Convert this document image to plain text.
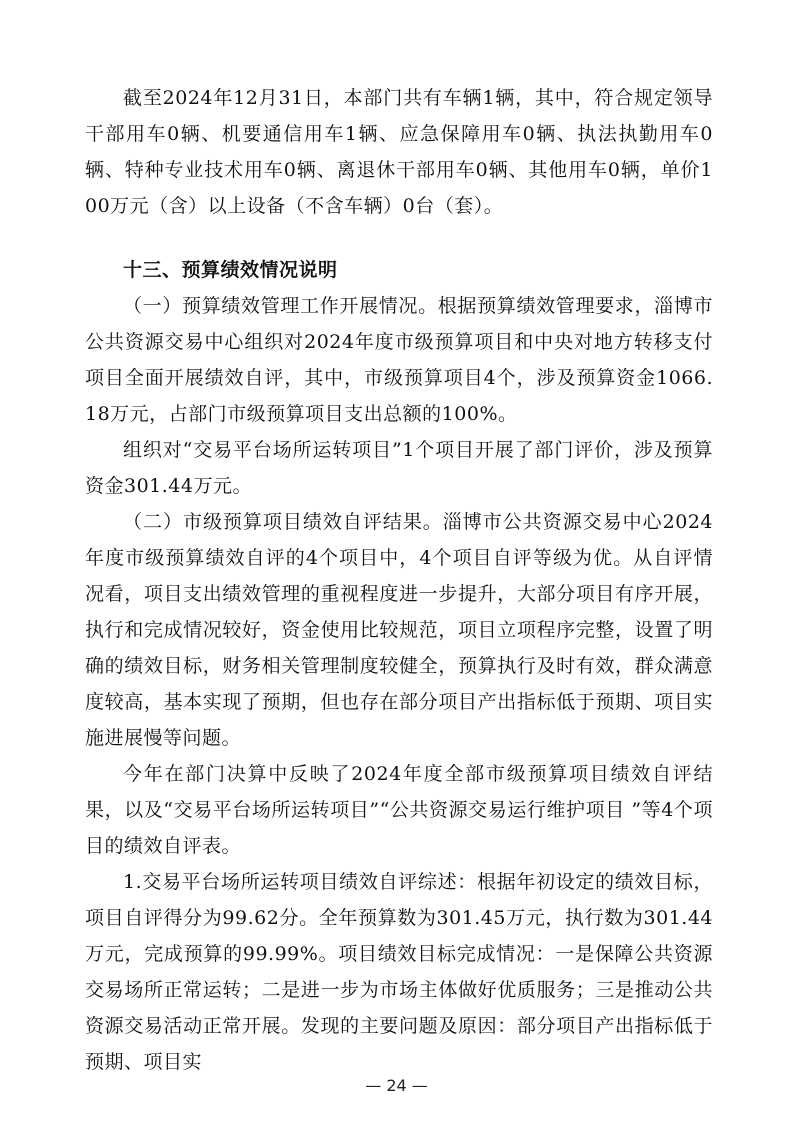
截至2024年12月31日，本部门共有车辆1辆，其中，符合规定领导干部用车0辆、机要通信用车1辆、应急保障用车0辆、执法执勤用车0辆、特种专业技术用车0辆、离退休干部用车0辆、其他用车0辆，单价100万元（含）以上设备（不含车辆）0台（套）。

十三、预算绩效情况说明

（一）预算绩效管理工作开展情况。根据预算绩效管理要求，淄博市公共资源交易中心组织对2024年度市级预算项目和中央对地方转移支付项目全面开展绩效自评，其中，市级预算项目4个，涉及预算资金1066.18万元，占部门市级预算项目支出总额的100%。

组织对“交易平台场所运转项目”1个项目开展了部门评价，涉及预算资金301.44万元。

（二）市级预算项目绩效自评结果。淄博市公共资源交易中心2024年度市级预算绩效自评的4个项目中，4个项目自评等级为优。从自评情况看，项目支出绩效管理的重视程度进一步提升，大部分项目有序开展，执行和完成情况较好，资金使用比较规范，项目立项程序完整，设置了明确的绩效目标，财务相关管理制度较健全，预算执行及时有效，群众满意度较高，基本实现了预期，但也存在部分项目产出指标低于预期、项目实施进展慢等问题。

今年在部门决算中反映了2024年度全部市级预算项目绩效自评结果，以及“交易平台场所运转项目”“公共资源交易运行维护项目 ”等4个项目的绩效自评表。

1.交易平台场所运转项目绩效自评综述：根据年初设定的绩效目标，项目自评得分为99.62分。全年预算数为301.45万元，执行数为301.44万元，完成预算的99.99%。项目绩效目标完成情况：一是保障公共资源交易场所正常运转；二是进一步为市场主体做好优质服务；三是推动公共资源交易活动正常开展。发现的主要问题及原因：部分项目产出指标低于预期、项目实

— 24 —
